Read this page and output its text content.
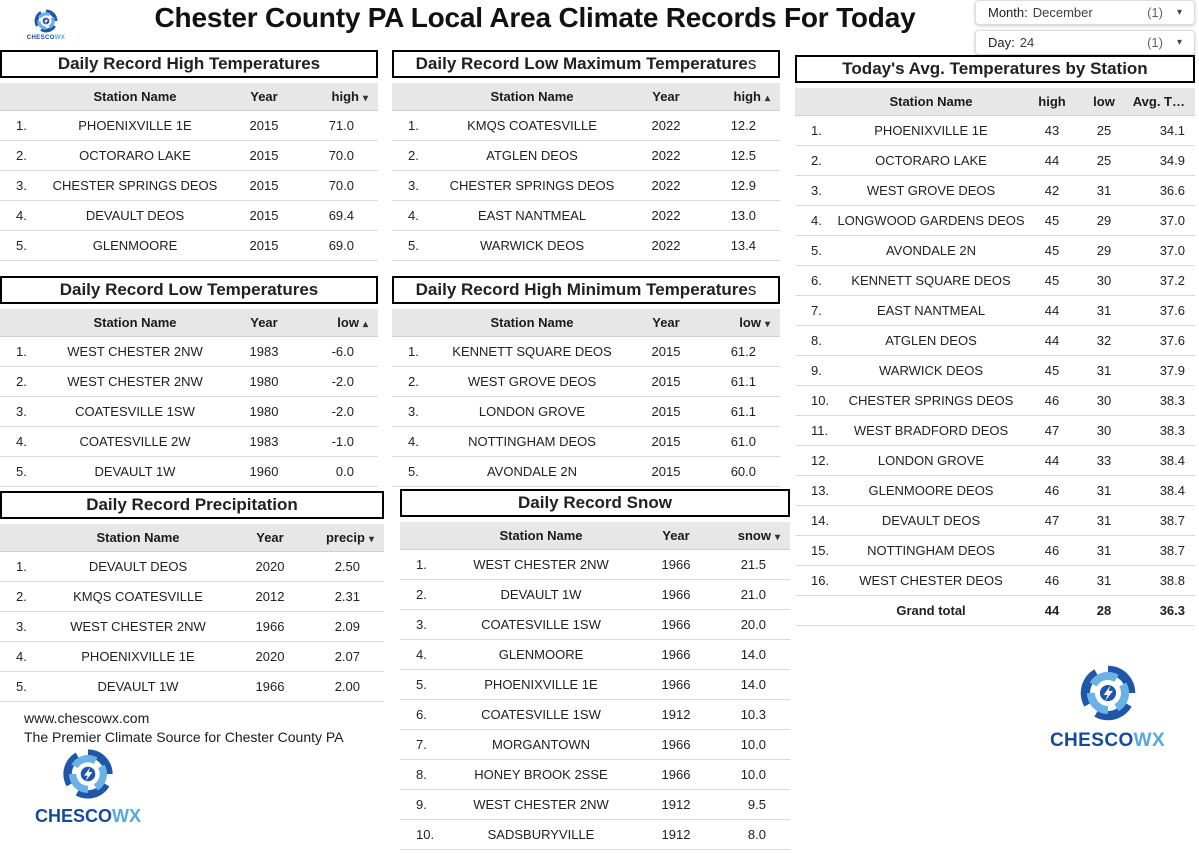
CHESCOWX
Chester County PA Local Area Climate Records For Today	Month: December	(1) ▾
Day: 24	(1) ▾
Daily Record High Temperatures
	Station Name	Year	high ▾
1.	PHOENIXVILLE 1E	2015	71.0
2.	OCTORARO LAKE	2015	70.0
3.	CHESTER SPRINGS DEOS	2015	70.0
4.	DEVAULT DEOS	2015	69.4
5.	GLENMOORE	2015	69.0
Daily Record Low Temperatures
	Station Name	Year	low ▴
1.	WEST CHESTER 2NW	1983	-6.0
2.	WEST CHESTER 2NW	1980	-2.0
3.	COATESVILLE 1SW	1980	-2.0
4.	COATESVILLE 2W	1983	-1.0
5.	DEVAULT 1W	1960	0.0
Daily Record Precipitation
	Station Name	Year	precip ▾
1.	DEVAULT DEOS	2020	2.50
2.	KMQS COATESVILLE	2012	2.31
3.	WEST CHESTER 2NW	1966	2.09
4.	PHOENIXVILLE 1E	2020	2.07
5.	DEVAULT 1W	1966	2.00
Daily Record Low Maximum Temperature s
	Station Name	Year	high ▴
1.	KMQS COATESVILLE	2022	12.2
2.	ATGLEN DEOS	2022	12.5
3.	CHESTER SPRINGS DEOS	2022	12.9
4.	EAST NANTMEAL	2022	13.0
5.	WARWICK DEOS	2022	13.4
Daily Record High Minimum Temperature s
	Station Name	Year	low ▾
1.	KENNETT SQUARE DEOS	2015	61.2
2.	WEST GROVE DEOS	2015	61.1
3.	LONDON GROVE	2015	61.1
4.	NOTTINGHAM DEOS	2015	61.0
5.	AVONDALE 2N	2015	60.0
Daily Record Snow
	Station Name	Year	snow ▾
1.	WEST CHESTER 2NW	1966	21.5
2.	DEVAULT 1W	1966	21.0
3.	COATESVILLE 1SW	1966	20.0
4.	GLENMOORE	1966	14.0
5.	PHOENIXVILLE 1E	1966	14.0
6.	COATESVILLE 1SW	1912	10.3
7.	MORGANTOWN	1966	10.0
8.	HONEY BROOK 2SSE	1966	10.0
9.	WEST CHESTER 2NW	1912	9.5
10.	SADSBURYVILLE	1912	8.0
Today's Avg. Temperatures by Station
	Station Name	high	low	Avg. T…
1.	PHOENIXVILLE 1E	43	25	34.1
2.	OCTORARO LAKE	44	25	34.9
3.	WEST GROVE DEOS	42	31	36.6
4.	LONGWOOD GARDENS DEOS	45	29	37.0
5.	AVONDALE 2N	45	29	37.0
6.	KENNETT SQUARE DEOS	45	30	37.2
7.	EAST NANTMEAL	44	31	37.6
8.	ATGLEN DEOS	44	32	37.6
9.	WARWICK DEOS	45	31	37.9
10.	CHESTER SPRINGS DEOS	46	30	38.3
11.	WEST BRADFORD DEOS	47	30	38.3
12.	LONDON GROVE	44	33	38.4
13.	GLENMOORE DEOS	46	31	38.4
14.	DEVAULT DEOS	47	31	38.7
15.	NOTTINGHAM DEOS	46	31	38.7
16.	WEST CHESTER DEOS	46	31	38.8
	Grand total	44	28	36.3
www.chescowx.com
The Premier Climate Source for Chester County PA
CHESCOWX
CHESCOWX
